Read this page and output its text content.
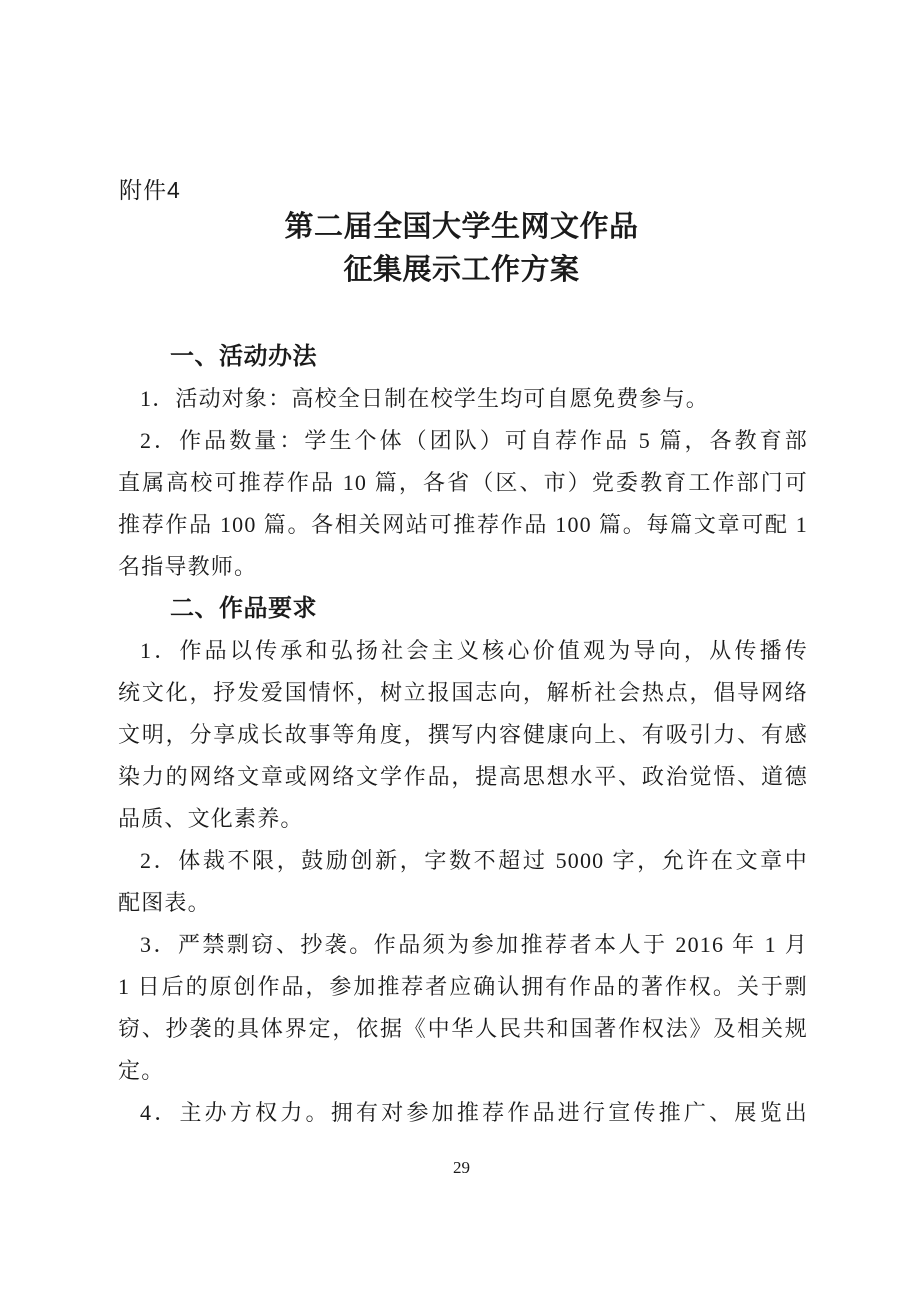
附件4
第二届全国大学生网文作品
征集展示工作方案
一、活动办法
1．活动对象：高校全日制在校学生均可自愿免费参与。
2．作品数量：学生个体（团队）可自荐作品 5 篇，各教育部
直属高校可推荐作品 10 篇，各省（区、市）党委教育工作部门可
推荐作品 100 篇。各相关网站可推荐作品 100 篇。每篇文章可配 1
名指导教师。
二、作品要求
1．作品以传承和弘扬社会主义核心价值观为导向，从传播传
统文化，抒发爱国情怀，树立报国志向，解析社会热点，倡导网络
文明，分享成长故事等角度，撰写内容健康向上、有吸引力、有感
染力的网络文章或网络文学作品，提高思想水平、政治觉悟、道德
品质、文化素养。
2．体裁不限，鼓励创新，字数不超过 5000 字，允许在文章中
配图表。
3．严禁剽窃、抄袭。作品须为参加推荐者本人于 2016 年 1 月
1 日后的原创作品，参加推荐者应确认拥有作品的著作权。关于剽
窃、抄袭的具体界定，依据《中华人民共和国著作权法》及相关规
定。
4．主办方权力。拥有对参加推荐作品进行宣传推广、展览出
29
